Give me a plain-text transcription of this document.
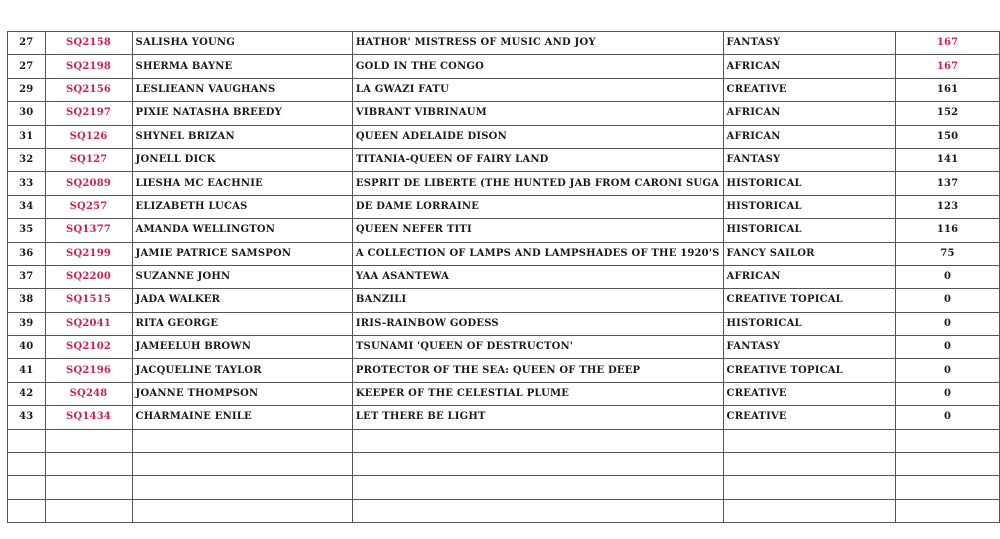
27	SQ2158	SALISHA YOUNG	HATHOR' MISTRESS OF MUSIC AND JOY	FANTASY	167
27	SQ2198	SHERMA BAYNE	GOLD IN THE CONGO	AFRICAN	167
29	SQ2156	LESLIEANN VAUGHANS	LA GWAZI FATU	CREATIVE	161
30	SQ2197	PIXIE NATASHA BREEDY	VIBRANT VIBRINAUM	AFRICAN	152
31	SQ126	SHYNEL BRIZAN	QUEEN ADELAIDE DISON	AFRICAN	150
32	SQ127	JONELL DICK	TITANIA-QUEEN OF FAIRY LAND	FANTASY	141
33	SQ2089	LIESHA MC EACHNIE	ESPRIT DE LIBERTE (THE HUNTED JAB FROM CARONI SUGA	HISTORICAL	137
34	SQ257	ELIZABETH LUCAS	DE DAME LORRAINE	HISTORICAL	123
35	SQ1377	AMANDA WELLINGTON	QUEEN NEFER TITI	HISTORICAL	116
36	SQ2199	JAMIE PATRICE SAMSPON	A COLLECTION OF LAMPS AND LAMPSHADES OF THE 1920'S	FANCY SAILOR	75
37	SQ2200	SUZANNE JOHN	YAA ASANTEWA	AFRICAN	0
38	SQ1515	JADA WALKER	BANZILI	CREATIVE TOPICAL	0
39	SQ2041	RITA GEORGE	IRIS-RAINBOW GODESS	HISTORICAL	0
40	SQ2102	JAMEELUH BROWN	TSUNAMI 'QUEEN OF DESTRUCTON'	FANTASY	0
41	SQ2196	JACQUELINE TAYLOR	PROTECTOR OF THE SEA: QUEEN OF THE DEEP	CREATIVE TOPICAL	0
42	SQ248	JOANNE THOMPSON	KEEPER OF THE CELESTIAL PLUME	CREATIVE	0
43	SQ1434	CHARMAINE ENILE	LET THERE BE LIGHT	CREATIVE	0
